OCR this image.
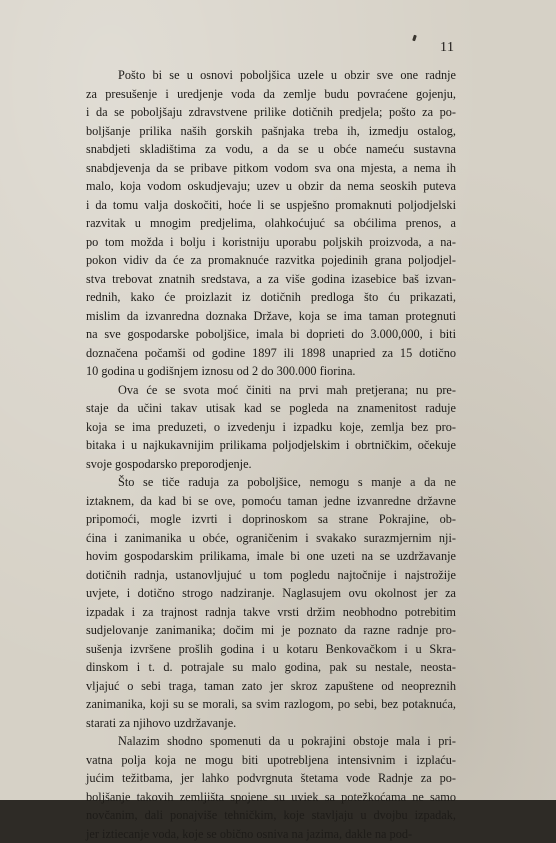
11
Pošto bi se u osnovi poboljšica uzele u obzir sve one radnje
za presušenje i uredjenje voda da zemlje budu povraćene gojenju,
i da se poboljšaju zdravstvene prilike dotičnih predjela; pošto za po-
boljšanje prilika naših gorskih pašnjaka treba ih, izmedju ostalog,
snabdjeti skladištima za vodu, a da se u obće nameću sustavna
snabdjevenja da se pribave pitkom vodom sva ona mjesta, a nema ih
malo, koja vodom oskudjevaju; uzev u obzir da nema seoskih puteva
i da tomu valja doskočiti, hoće li se uspješno promaknuti poljodjelski
razvitak u mnogim predjelima, olahkoćujuć sa obćilima prenos, a
po tom možda i bolju i koristniju uporabu poljskih proizvoda, a na-
pokon vidiv da će za promaknuće razvitka pojedinih grana poljodjel-
stva trebovat znatnih sredstava, a za više godina izasebice baš izvan-
rednih, kako će proizlazit iz dotičnih predloga što ću prikazati,
mislim da izvanredna doznaka Države, koja se ima taman protegnuti
na sve gospodarske poboljšice, imala bi doprieti do 3.000,000, i biti
doznačena počamši od godine 1897 ili 1898 unapried za 15 dotično
10 godina u godišnjem iznosu od 2 do 300.000 fiorina.
Ova će se svota moć činiti na prvi mah pretjerana; nu pre-
staje da učini takav utisak kad se pogleda na znamenitost raduje
koja se ima preduzeti, o izvedenju i izpadku koje, zemlja bez pro-
bitaka i u najkukavnijim prilikama poljodjelskim i obrtničkim, očekuje
svoje gospodarsko preporodjenje.
Što se tiče raduja za poboljšice, nemogu s manje a da ne
iztaknem, da kad bi se ove, pomoću taman jedne izvanredne državne
pripomoći, mogle izvrti i doprinoskom sa strane Pokrajine, ob-
ćina i zanimanika u obće, ograničenim i svakako surazmjernim nji-
hovim gospodarskim prilikama, imale bi one uzeti na se uzdržavanje
dotičnih radnja, ustanovljujuć u tom pogledu najtočnije i najstrožije
uvjete, i dotično strogo nadziranje. Naglasujem ovu okolnost jer za
izpadak i za trajnost radnja takve vrsti držim neobhodno potrebitim
sudjelovanje zanimanika; dočim mi je poznato da razne radnje pro-
sušenja izvršene prošlih godina i u kotaru Benkovačkom i u Skra-
dinskom i t. d. potrajale su malo godina, pak su nestale, neosta-
vljajuć o sebi traga, taman zato jer skroz zapuštene od neopreznih
zanimanika, koji su se morali, sa svim razlogom, po sebi, bez potaknuća,
starati za njihovo uzdržavanje.
Nalazim shodno spomenuti da u pokrajini obstoje mala i pri-
vatna polja koja ne mogu biti upotrebljena intensivnim i izplaću-
jućim težitbama, jer lahko podvrgnuta štetama vode Radnje za po-
boljšanje takovih zemljišta spojene su uviek sa potežkoćama ne samo
novčanim, dali ponajviše tehničkim, koje stavljaju u dvojbu izpadak,
jer iztiecanje voda, koje se obično osniva na jazima, dakle na pod-
